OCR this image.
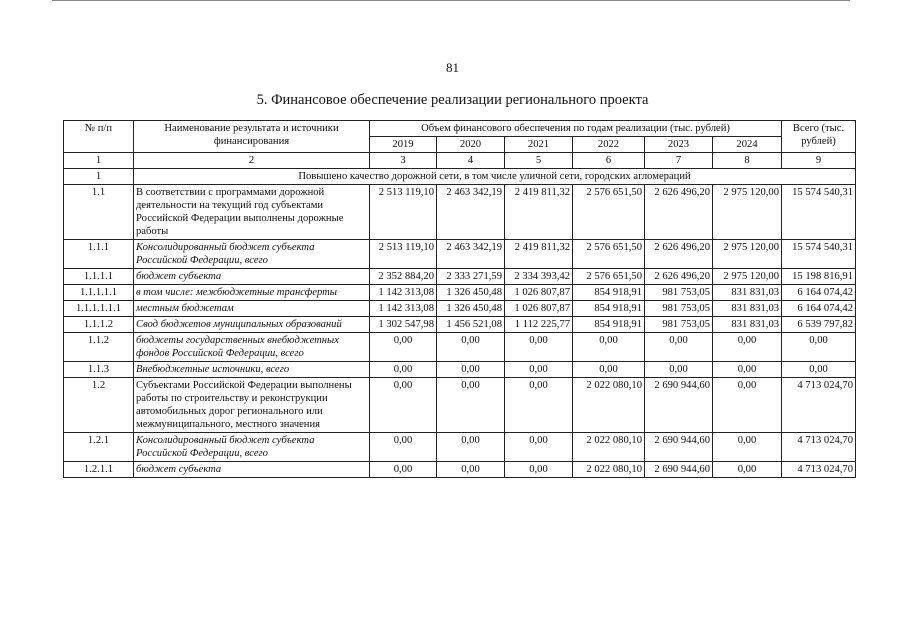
81
5. Финансовое обеспечение реализации регионального проекта
№ п/п	Наименование результата и источники финансирования	Объем финансового обеспечения по годам реализации (тыс. рублей)						Всего (тыс. рублей)
		2019	2020	2021	2022	2023	2024	
1	2	3	4	5	6	7	8	9
1	Повышено качество дорожной сети, в том числе уличной сети, городских агломераций							
1.1	В соответствии с программами дорожной деятельности на текущий год субъектами Российской Федерации выполнены дорожные работы	2 513 119,10	2 463 342,19	2 419 811,32	2 576 651,50	2 626 496,20	2 975 120,00	15 574 540,31
1.1.1	Консолидированный бюджет субъекта Российской Федерации, всего	2 513 119,10	2 463 342,19	2 419 811,32	2 576 651,50	2 626 496,20	2 975 120,00	15 574 540,31
1.1.1.1	бюджет субъекта	2 352 884,20	2 333 271,59	2 334 393,42	2 576 651,50	2 626 496,20	2 975 120,00	15 198 816,91
1.1.1.1.1	в том числе: межбюджетные трансферты	1 142 313,08	1 326 450,48	1 026 807,87	854 918,91	981 753,05	831 831,03	6 164 074,42
1.1.1.1.1.1	местным бюджетам	1 142 313,08	1 326 450,48	1 026 807,87	854 918,91	981 753,05	831 831,03	6 164 074,42
1.1.1.2	Свод бюджетов муниципальных образований	1 302 547,98	1 456 521,08	1 112 225,77	854 918,91	981 753,05	831 831,03	6 539 797,82
1.1.2	бюджеты государственных внебюджетных фондов Российской Федерации, всего	0,00	0,00	0,00	0,00	0,00	0,00	0,00
1.1.3	Внебюджетные источники, всего	0,00	0,00	0,00	0,00	0,00	0,00	0,00
1.2	Субъектами Российской Федерации выполнены работы по строительству и реконструкции автомобильных дорог регионального или межмуниципального, местного значения	0,00	0,00	0,00	2 022 080,10	2 690 944,60	0,00	4 713 024,70
1.2.1	Консолидированный бюджет субъекта Российской Федерации, всего	0,00	0,00	0,00	2 022 080,10	2 690 944,60	0,00	4 713 024,70
1.2.1.1	бюджет субъекта	0,00	0,00	0,00	2 022 080,10	2 690 944,60	0,00	4 713 024,70
